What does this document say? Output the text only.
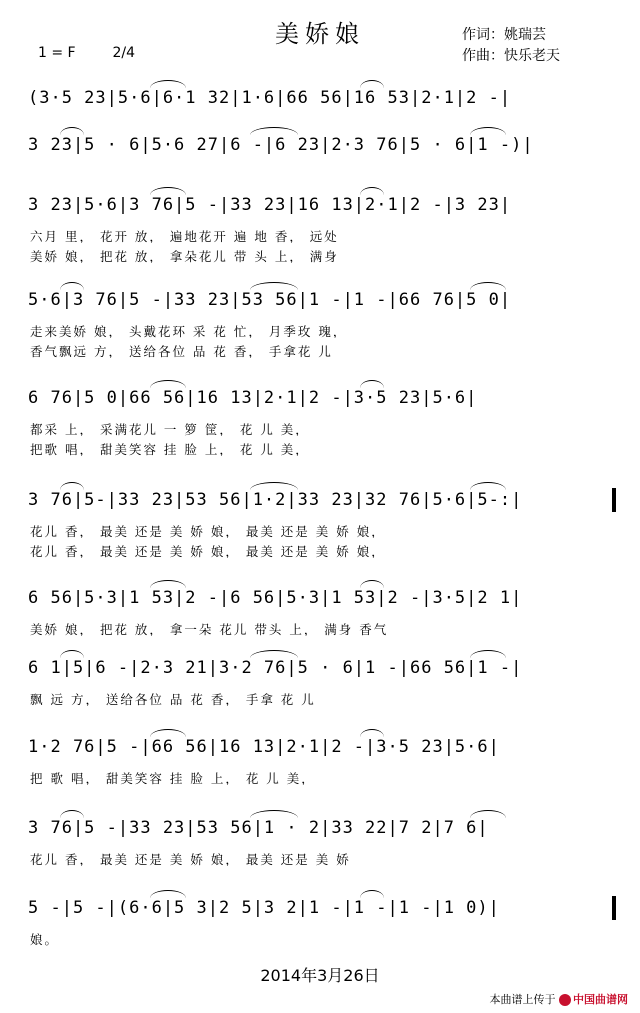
美娇娘
1 = F	2/4
作词：姚瑞芸
作曲：快乐老天
(3·5 23|5·6|6·1 32|1·6|66 56|16 53|2·1|2 -|
3 23|5 · 6|5·6 27|6 -|6 23|2·3 76|5 · 6|1 -)|
3 23|5·6|3 76|5 -|33 23|16 13|2·1|2 -|3 23|
六月 里， 花开 放， 遍地花开 遍 地 香， 远处
美娇 娘， 把花 放， 拿朵花儿 带 头 上， 满身
5·6|3 76|5 -|33 23|53 56|1 -|1 -|66 76|5 0|
走来美娇 娘， 头戴花环 采 花 忙， 月季玫 瑰，
香气飘远 方， 送给各位 品 花 香， 手拿花 儿
6 76|5 0|66 56|16 13|2·1|2 -|3·5 23|5·6|
都采 上， 采满花儿 一 箩 筐， 花 儿 美，
把歌 唱， 甜美笑容 挂 脸 上， 花 儿 美，
3 76|5-|33 23|53 56|1·2|33 23|32 76|5·6|5-:|
花儿 香， 最美 还是 美 娇 娘， 最美 还是 美 娇 娘，
花儿 香， 最美 还是 美 娇 娘， 最美 还是 美 娇 娘，
6 56|5·3|1 53|2 -|6 56|5·3|1 53|2 -|3·5|2 1|
美娇 娘， 把花 放， 拿一朵 花儿 带头 上， 满身 香气
6 1|5|6 -|2·3 21|3·2 76|5 · 6|1 -|66 56|1 -|
飘 远 方， 送给各位 品 花 香， 手拿 花 儿
1·2 76|5 -|66 56|16 13|2·1|2 -|3·5 23|5·6|
把 歌 唱， 甜美笑容 挂 脸 上， 花 儿 美，
3 76|5 -|33 23|53 56|1 · 2|33 22|7 2|7 6|
花儿 香， 最美 还是 美 娇 娘， 最美 还是 美 娇
5 -|5 -|(6·6|5 3|2 5|3 2|1 -|1 -|1 -|1 0)|
娘。
2014年3月26日
本曲谱上传于 中国曲谱网
